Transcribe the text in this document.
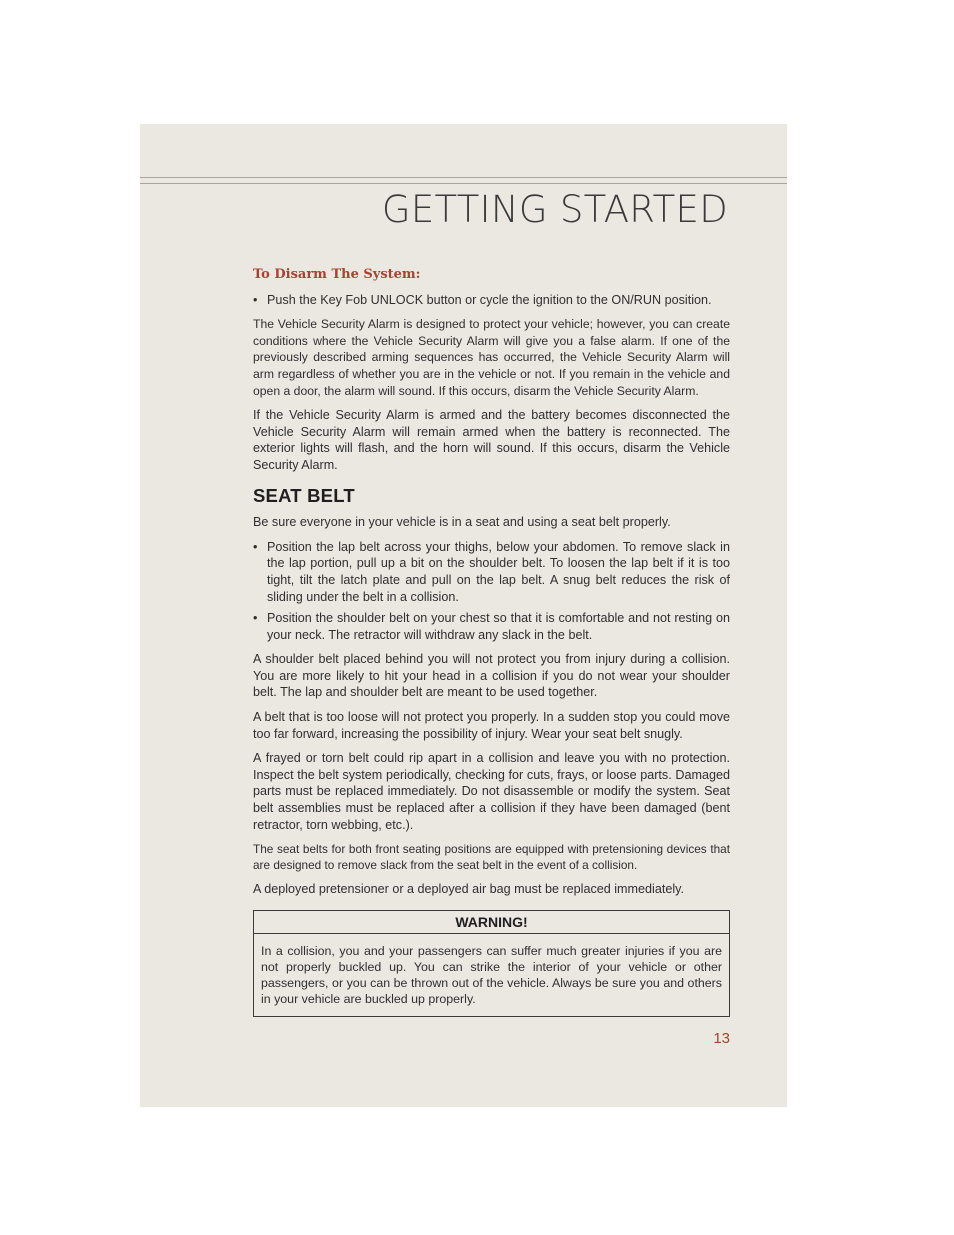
GETTING STARTED
To Disarm The System:
• Push the Key Fob UNLOCK button or cycle the ignition to the ON/RUN position.

The Vehicle Security Alarm is designed to protect your vehicle; however, you can create conditions where the Vehicle Security Alarm will give you a false alarm. If one of the previously described arming sequences has occurred, the Vehicle Security Alarm will arm regardless of whether you are in the vehicle or not. If you remain in the vehicle and open a door, the alarm will sound. If this occurs, disarm the Vehicle Security Alarm.

If the Vehicle Security Alarm is armed and the battery becomes disconnected the Vehicle Security Alarm will remain armed when the battery is reconnected. The exterior lights will flash, and the horn will sound. If this occurs, disarm the Vehicle Security Alarm.

SEAT BELT

Be sure everyone in your vehicle is in a seat and using a seat belt properly.

• Position the lap belt across your thighs, below your abdomen. To remove slack in the lap portion, pull up a bit on the shoulder belt. To loosen the lap belt if it is too tight, tilt the latch plate and pull on the lap belt. A snug belt reduces the risk of sliding under the belt in a collision.
• Position the shoulder belt on your chest so that it is comfortable and not resting on your neck. The retractor will withdraw any slack in the belt.

A shoulder belt placed behind you will not protect you from injury during a collision. You are more likely to hit your head in a collision if you do not wear your shoulder belt. The lap and shoulder belt are meant to be used together.

A belt that is too loose will not protect you properly. In a sudden stop you could move too far forward, increasing the possibility of injury. Wear your seat belt snugly.

A frayed or torn belt could rip apart in a collision and leave you with no protection. Inspect the belt system periodically, checking for cuts, frays, or loose parts. Damaged parts must be replaced immediately. Do not disassemble or modify the system. Seat belt assemblies must be replaced after a collision if they have been damaged (bent retractor, torn webbing, etc.).

The seat belts for both front seating positions are equipped with pretensioning devices that are designed to remove slack from the seat belt in the event of a collision.

A deployed pretensioner or a deployed air bag must be replaced immediately.

WARNING!
In a collision, you and your passengers can suffer much greater injuries if you are not properly buckled up. You can strike the interior of your vehicle or other passengers, or you can be thrown out of the vehicle. Always be sure you and others in your vehicle are buckled up properly.
13
